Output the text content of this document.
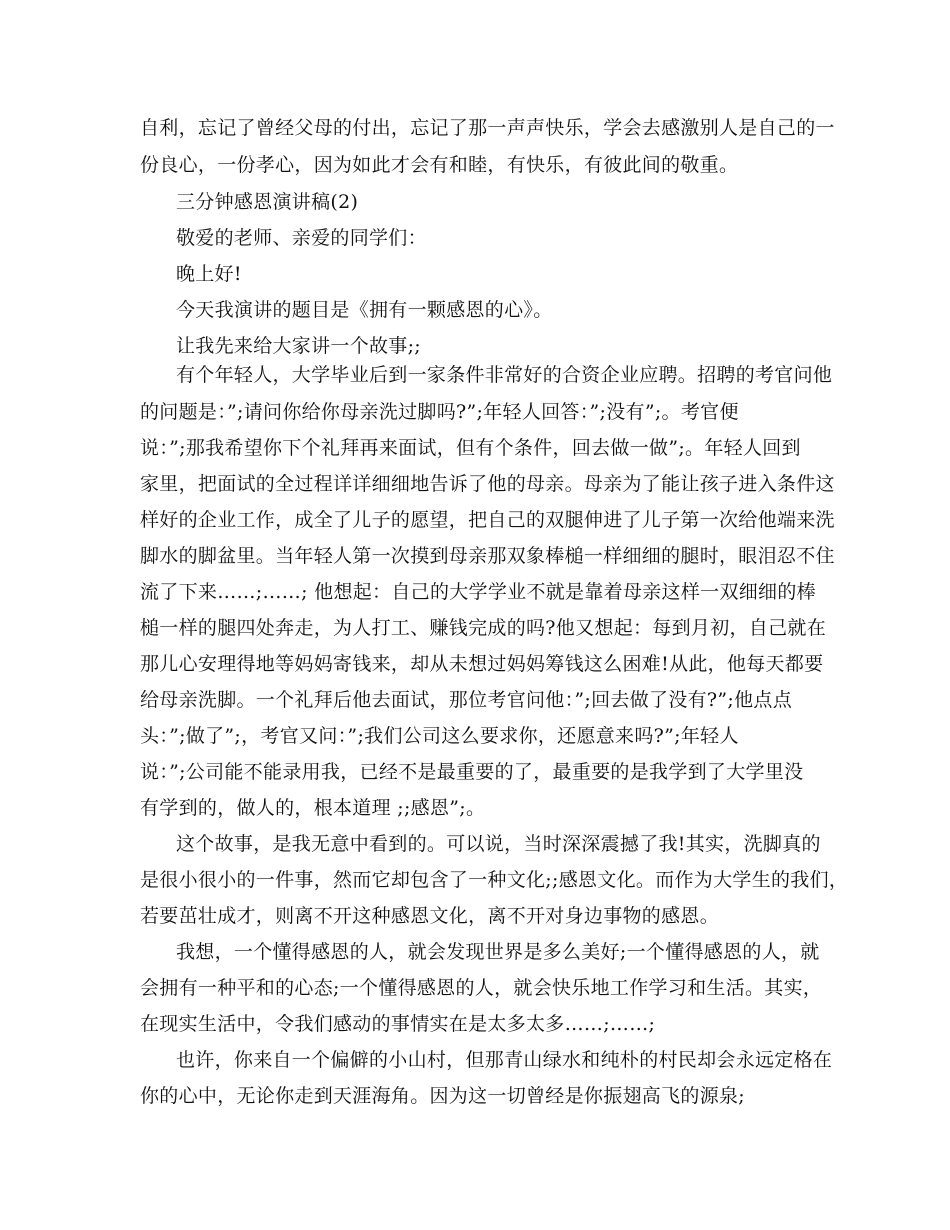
自利，忘记了曾经父母的付出，忘记了那一声声快乐，学会去感激别人是自己的一
份良心，一份孝心，因为如此才会有和睦，有快乐，有彼此间的敬重。
三分钟感恩演讲稿(2)
敬爱的老师、亲爱的同学们：
晚上好!
今天我演讲的题目是《拥有一颗感恩的心》。
让我先来给大家讲一个故事;;
有个年轻人，大学毕业后到一家条件非常好的合资企业应聘。招聘的考官问他
的问题是：”;请问你给你母亲洗过脚吗?”;年轻人回答：”;没有”;。考官便
说：”;那我希望你下个礼拜再来面试，但有个条件，回去做一做”;。年轻人回到
家里，把面试的全过程详详细细地告诉了他的母亲。母亲为了能让孩子进入条件这
样好的企业工作，成全了儿子的愿望，把自己的双腿伸进了儿子第一次给他端来洗
脚水的脚盆里。当年轻人第一次摸到母亲那双象棒槌一样细细的腿时，眼泪忍不住
流了下来……;……; 他想起：自己的大学学业不就是靠着母亲这样一双细细的棒
槌一样的腿四处奔走，为人打工、赚钱完成的吗?他又想起：每到月初，自己就在
那儿心安理得地等妈妈寄钱来，却从未想过妈妈筹钱这么困难!从此，他每天都要
给母亲洗脚。一个礼拜后他去面试，那位考官问他：”;回去做了没有?”;他点点
头：”;做了”;，考官又问：”;我们公司这么要求你，还愿意来吗?”;年轻人
说：”;公司能不能录用我，已经不是最重要的了，最重要的是我学到了大学里没
有学到的，做人的，根本道理 ;;感恩”;。
这个故事，是我无意中看到的。可以说，当时深深震撼了我!其实，洗脚真的
是很小很小的一件事，然而它却包含了一种文化;;感恩文化。而作为大学生的我们，
若要茁壮成才，则离不开这种感恩文化，离不开对身边事物的感恩。
我想，一个懂得感恩的人，就会发现世界是多么美好;一个懂得感恩的人，就
会拥有一种平和的心态;一个懂得感恩的人，就会快乐地工作学习和生活。其实，
在现实生活中，令我们感动的事情实在是太多太多……;……;
也许，你来自一个偏僻的小山村，但那青山绿水和纯朴的村民却会永远定格在
你的心中，无论你走到天涯海角。因为这一切曾经是你振翅高飞的源泉;
